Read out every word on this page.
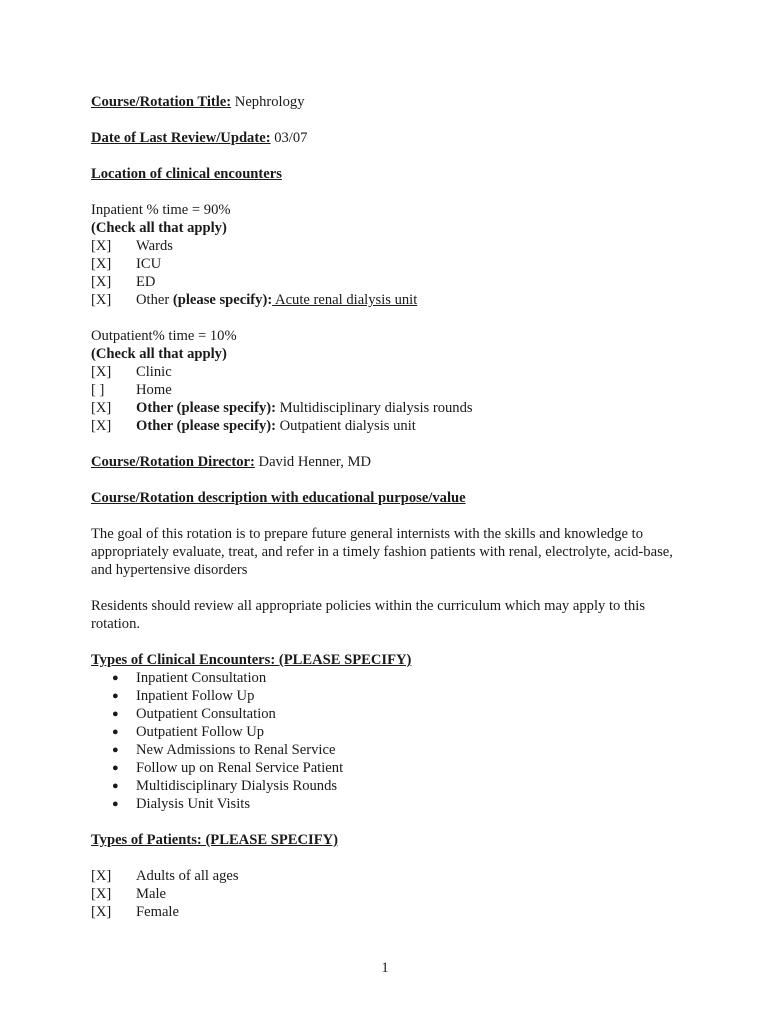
Course/Rotation Title: Nephrology
Date of Last Review/Update: 03/07
Location of clinical encounters
Inpatient % time = 90%
(Check all that apply)
[X]	Wards
[X]	ICU
[X]	ED
[X]	Other (please specify): Acute renal dialysis unit
Outpatient% time = 10%
(Check all that apply)
[X]	Clinic
[ ]	Home
[X]	Other (please specify): Multidisciplinary dialysis rounds
[X]	Other (please specify): Outpatient dialysis unit
Course/Rotation Director: David Henner, MD
Course/Rotation description with educational purpose/value
The goal of this rotation is to prepare future general internists with the skills and knowledge to appropriately evaluate, treat, and refer in a timely fashion patients with renal, electrolyte, acid-base, and hypertensive disorders
Residents should review all appropriate policies within the curriculum which may apply to this rotation.
Types of Clinical Encounters: (PLEASE SPECIFY)
●	Inpatient Consultation
●	Inpatient Follow Up
●	Outpatient Consultation
●	Outpatient Follow Up
●	New Admissions to Renal Service
●	Follow up on Renal Service Patient
●	Multidisciplinary Dialysis Rounds
●	Dialysis Unit Visits
Types of Patients: (PLEASE SPECIFY)
[X]	Adults of all ages
[X]	Male
[X]	Female
1
